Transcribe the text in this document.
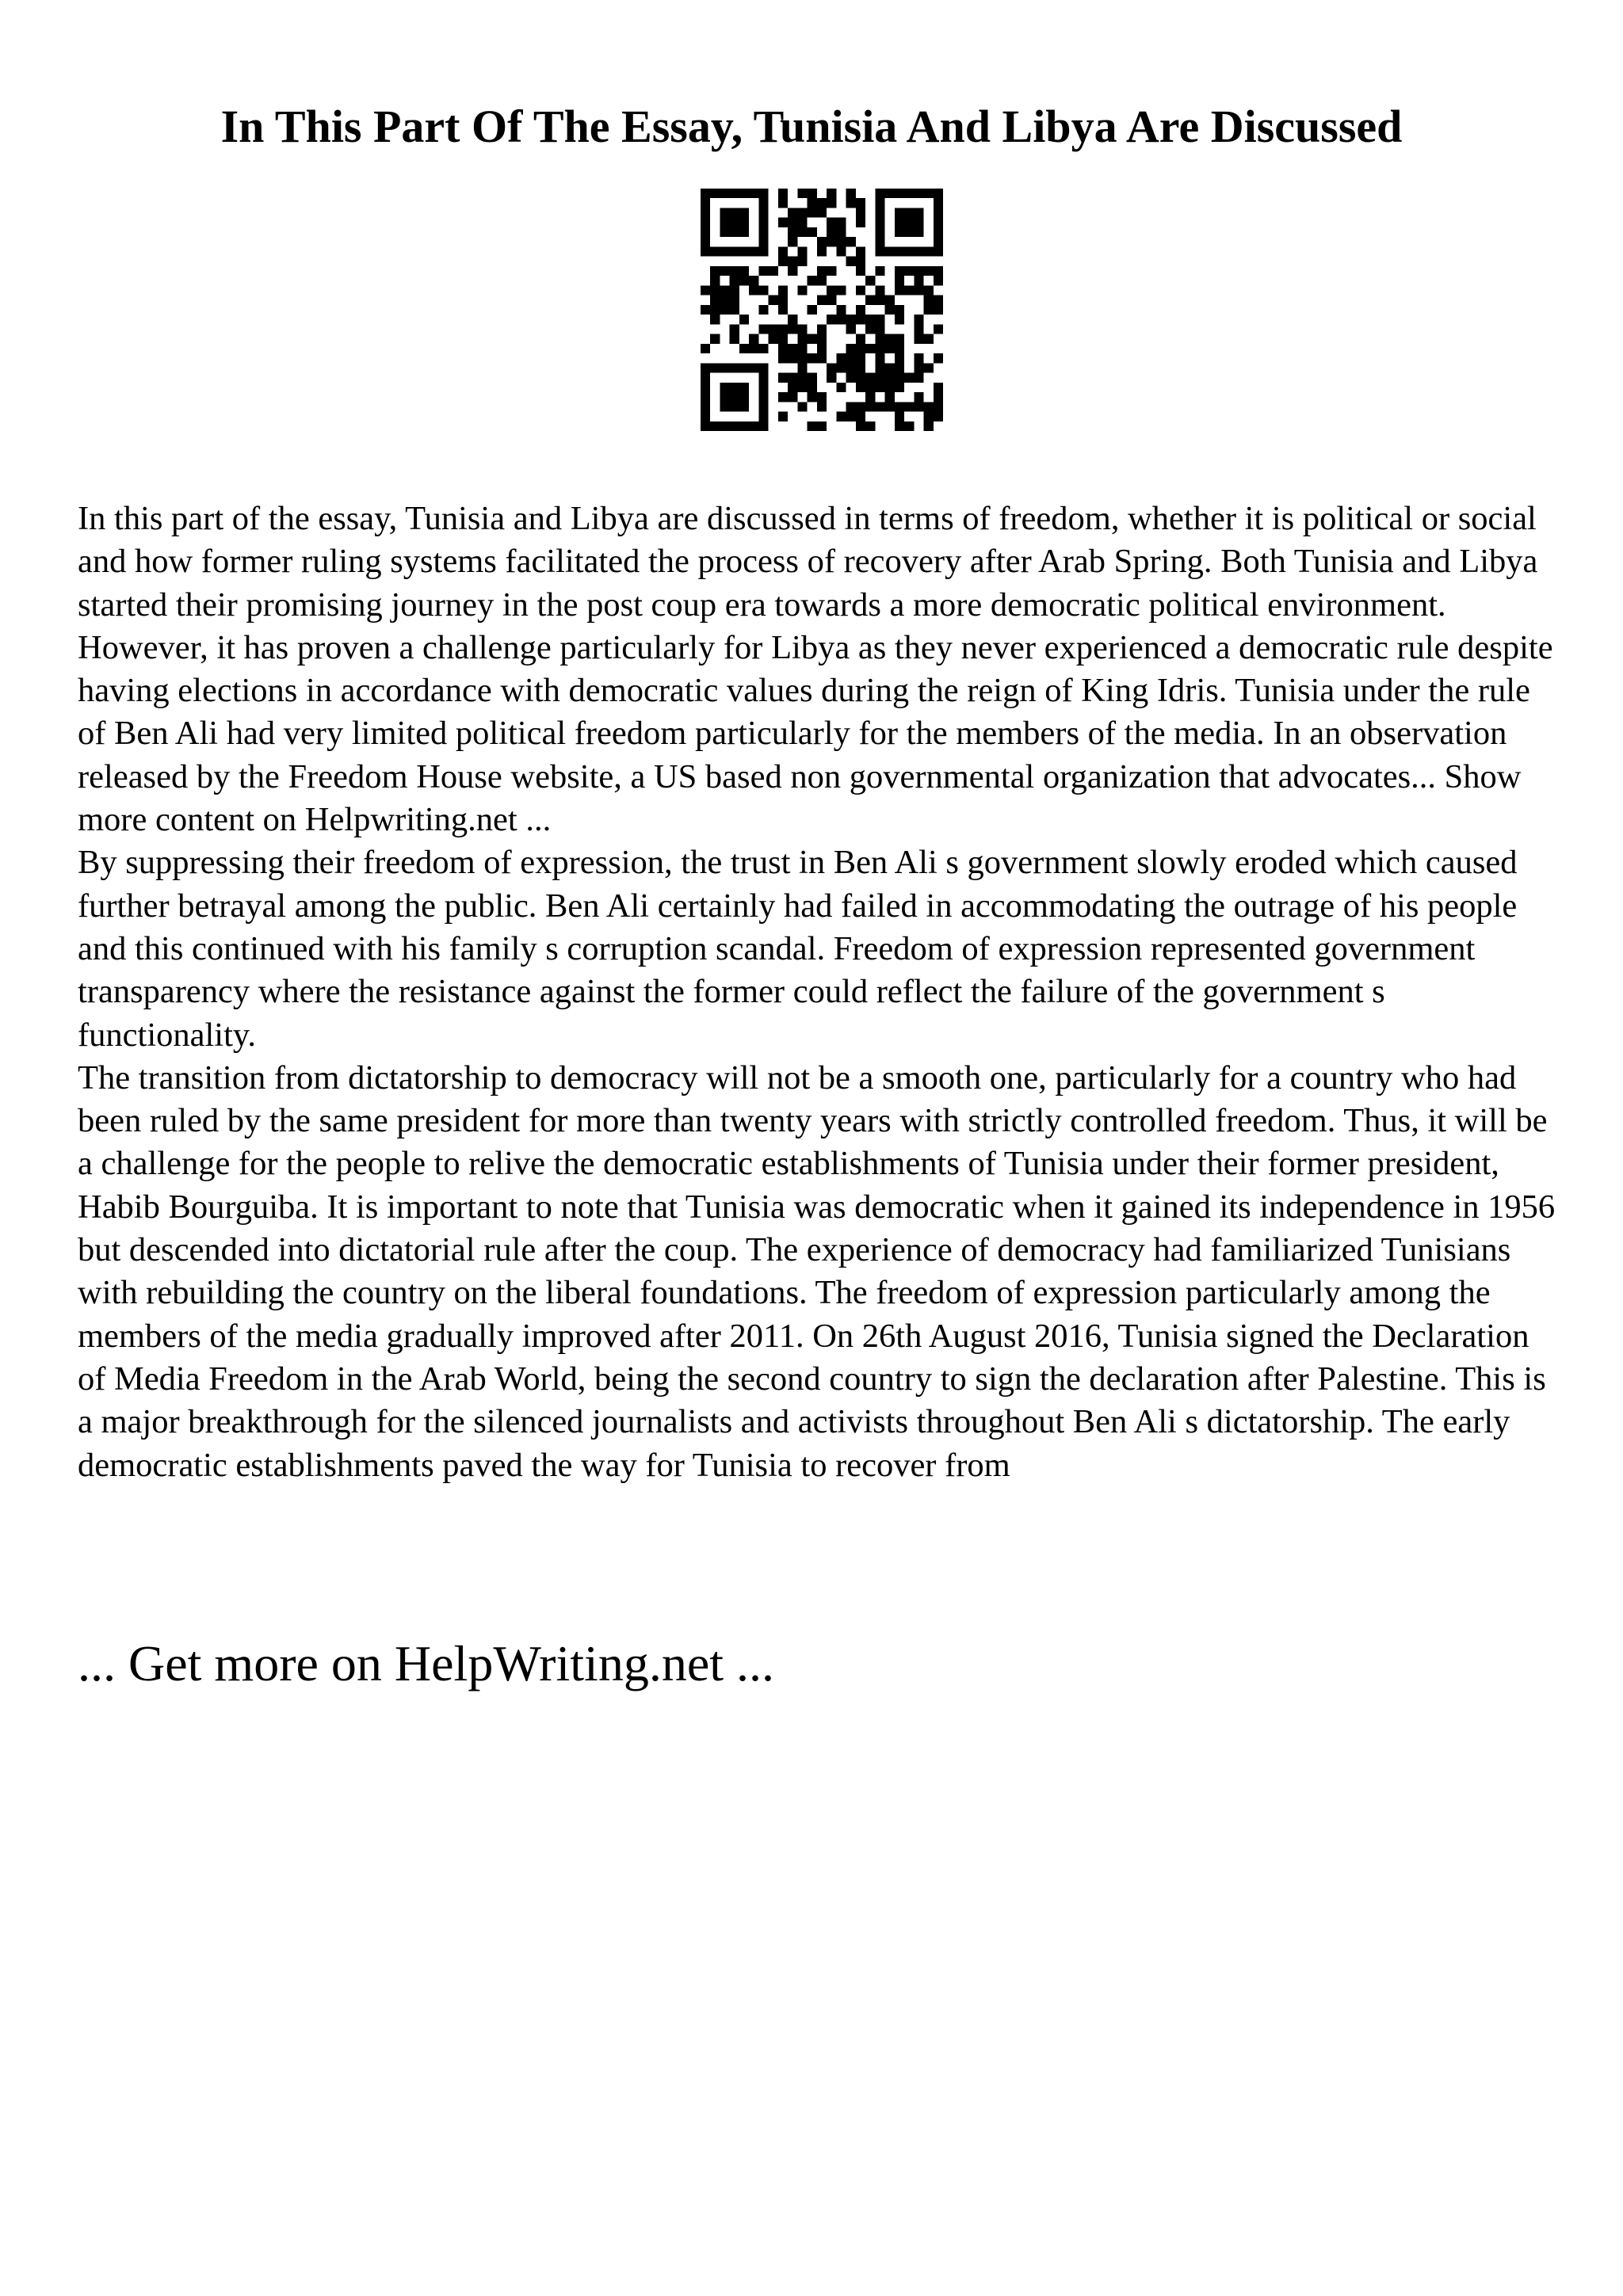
In This Part Of The Essay, Tunisia And Libya Are Discussed

In this part of the essay, Tunisia and Libya are discussed in terms of freedom, whether it is political or social and how former ruling systems facilitated the process of recovery after Arab Spring. Both Tunisia and Libya started their promising journey in the post coup era towards a more democratic political environment. However, it has proven a challenge particularly for Libya as they never experienced a democratic rule despite having elections in accordance with democratic values during the reign of King Idris. Tunisia under the rule of Ben Ali had very limited political freedom particularly for the members of the media. In an observation released by the Freedom House website, a US based non governmental organization that advocates... Show more content on Helpwriting.net ...

By suppressing their freedom of expression, the trust in Ben Ali s government slowly eroded which caused further betrayal among the public. Ben Ali certainly had failed in accommodating the outrage of his people and this continued with his family s corruption scandal. Freedom of expression represented government transparency where the resistance against the former could reflect the failure of the government s functionality.

The transition from dictatorship to democracy will not be a smooth one, particularly for a country who had been ruled by the same president for more than twenty years with strictly controlled freedom. Thus, it will be a challenge for the people to relive the democratic establishments of Tunisia under their former president, Habib Bourguiba. It is important to note that Tunisia was democratic when it gained its independence in 1956 but descended into dictatorial rule after the coup. The experience of democracy had familiarized Tunisians with rebuilding the country on the liberal foundations. The freedom of expression particularly among the members of the media gradually improved after 2011. On 26th August 2016, Tunisia signed the Declaration of Media Freedom in the Arab World, being the second country to sign the declaration after Palestine. This is a major breakthrough for the silenced journalists and activists throughout Ben Ali s dictatorship. The early democratic establishments paved the way for Tunisia to recover from

... Get more on HelpWriting.net ...
